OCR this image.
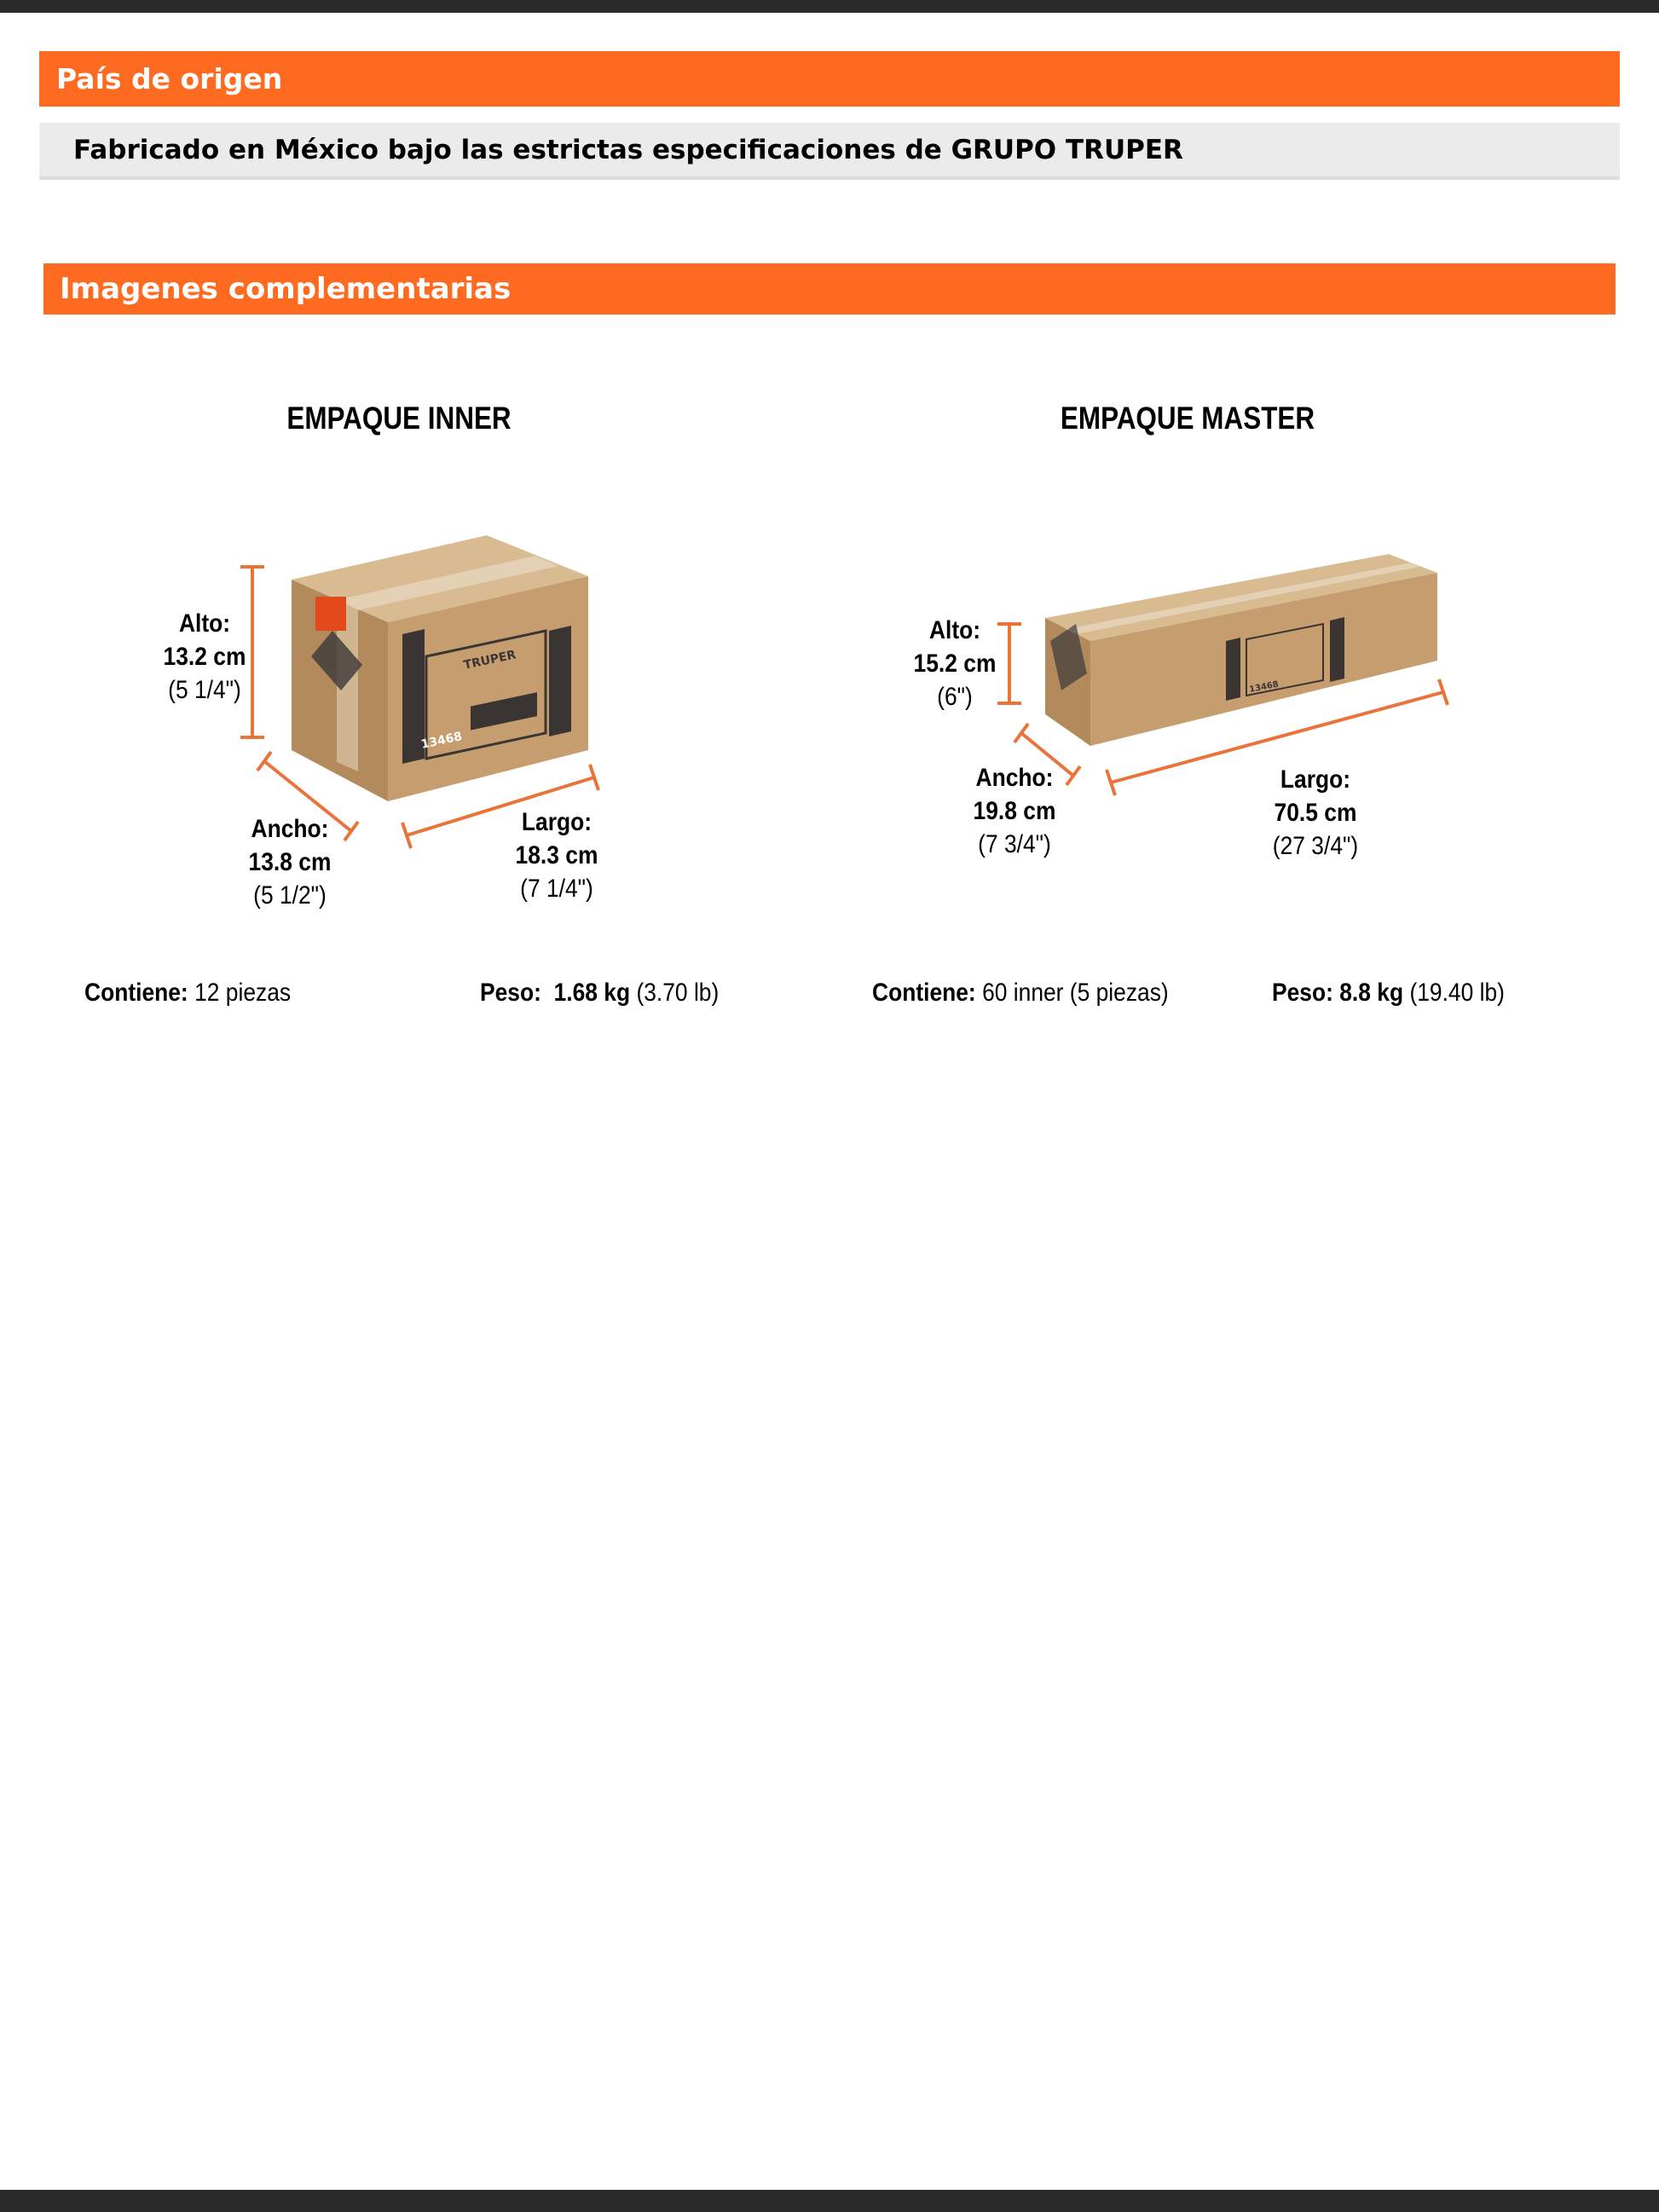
País de origen
Fabricado en México bajo las estrictas especificaciones de GRUPO TRUPER
Imagenes complementarias
13468
TRUPER
13468
EMPAQUE INNER
Alto:
13.2 cm
(5 1/4")
Ancho:
13.8 cm
(5 1/2")
Largo:
18.3 cm
(7 1/4")
Contiene: 12 piezas	Peso: 1.68 kg (3.70 lb)
EMPAQUE MASTER
Alto:
15.2 cm
(6")
Ancho:
19.8 cm
(7 3/4")
Largo:
70.5 cm
(27 3/4")
Contiene: 60 inner (5 piezas)	Peso: 8.8 kg (19.40 lb)
